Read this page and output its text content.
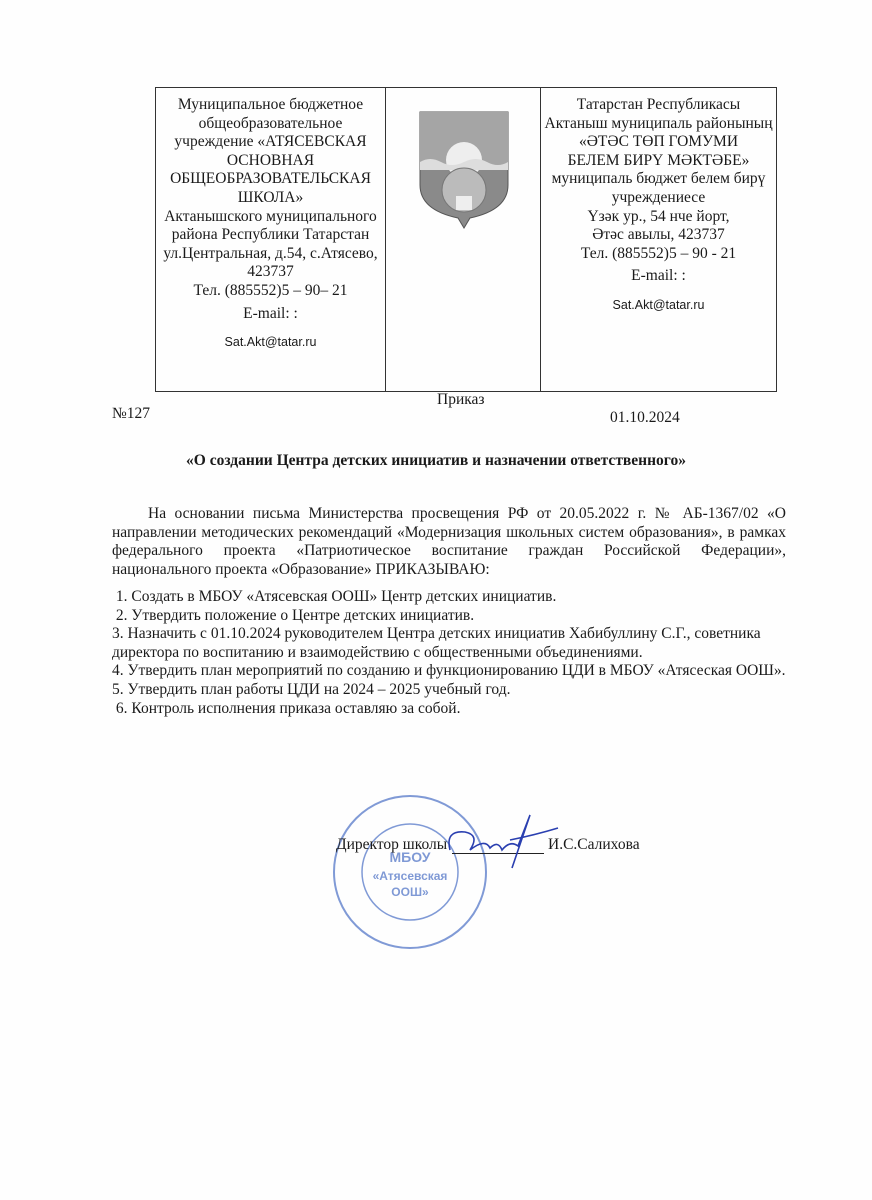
Муниципальное бюджетное
общеобразовательное
учреждение «АТЯСЕВСКАЯ
ОСНОВНАЯ
ОБЩЕОБРАЗОВАТЕЛЬСКАЯ
ШКОЛА»
Актанышского муниципального
района Республики Татарстан
ул.Центральная, д.54, с.Атясево,
423737
Тел. (885552)5 – 90– 21
E-mail: :
Sat.Akt@tatar.ru
Татарстан Республикасы
Актаныш муниципаль районының
«ӘТӘС ТӨП ГОМУМИ
БЕЛЕМ БИРҮ МӘКТӘБЕ»
муниципаль бюджет белем бирү
учреждениесе
Үзәк ур., 54 нче йорт,
Әтәс авылы, 423737
Тел. (885552)5 – 90 - 21
E-mail: :
Sat.Akt@tatar.ru
Приказ
№127	01.10.2024
«О создании Центра детских инициатив и назначении ответственного»
На основании письма Министерства просвещения РФ от 20.05.2022 г. № АБ-1367/02 «О направлении методических рекомендаций «Модернизация школьных систем образования», в рамках федерального проекта «Патриотическое воспитание граждан Российской Федерации», национального проекта «Образование» ПРИКАЗЫВАЮ:
1. Создать в МБОУ «Атясевская ООШ» Центр детских инициатив.
2. Утвердить положение о Центре детских инициатив.
3. Назначить с 01.10.2024 руководителем Центра детских инициатив Хабибуллину С.Г., советника директора по воспитанию и взаимодействию с общественными объединениями.
4. Утвердить план мероприятий по созданию и функционированию ЦДИ в МБОУ «Атясеская ООШ».
5. Утвердить план работы ЦДИ на 2024 – 2025 учебный год.
6. Контроль исполнения приказа оставляю за собой.
МБОУ
«Атясевская
ООШ»
Директор школы	И.С.Салихова
